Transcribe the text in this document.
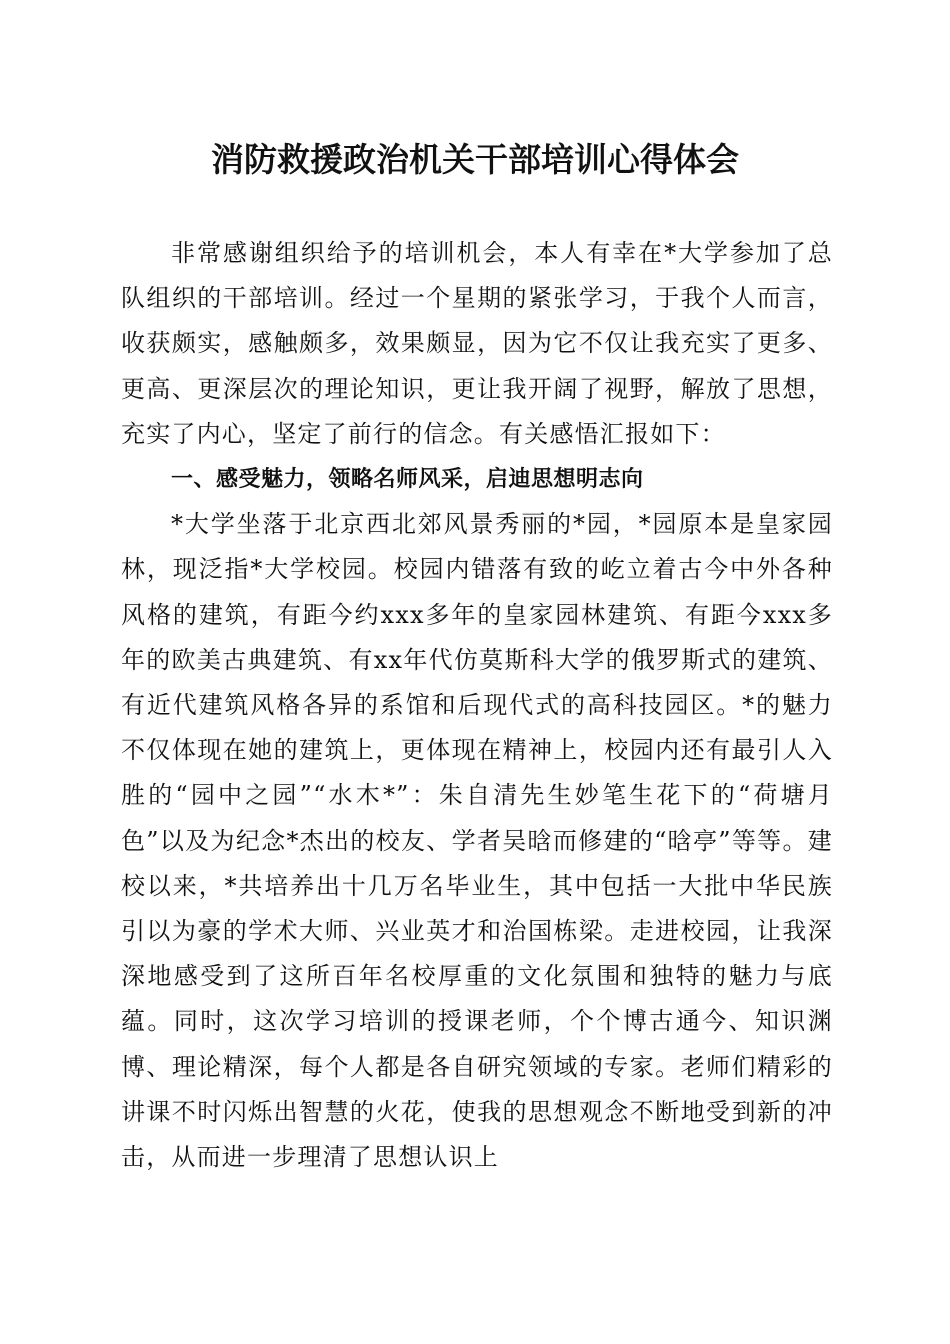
消防救援政治机关干部培训心得体会

非常感谢组织给予的培训机会，本人有幸在*大学参加了总队组织的干部培训。经过一个星期的紧张学习，于我个人而言，收获颇实，感触颇多，效果颇显，因为它不仅让我充实了更多、更高、更深层次的理论知识，更让我开阔了视野，解放了思想，充实了内心，坚定了前行的信念。有关感悟汇报如下：

一、感受魅力，领略名师风采，启迪思想明志向

*大学坐落于北京西北郊风景秀丽的*园，*园原本是皇家园林，现泛指*大学校园。校园内错落有致的屹立着古今中外各种风格的建筑，有距今约xxx多年的皇家园林建筑、有距今xxx多年的欧美古典建筑、有xx年代仿莫斯科大学的俄罗斯式的建筑、有近代建筑风格各异的系馆和后现代式的高科技园区。*的魅力不仅体现在她的建筑上，更体现在精神上，校园内还有最引人入胜的“园中之园”“水木*”：朱自清先生妙笔生花下的“荷塘月色”以及为纪念*杰出的校友、学者吴晗而修建的“晗亭”等等。建校以来，*共培养出十几万名毕业生，其中包括一大批中华民族引以为豪的学术大师、兴业英才和治国栋梁。走进校园，让我深深地感受到了这所百年名校厚重的文化氛围和独特的魅力与底蕴。同时，这次学习培训的授课老师，个个博古通今、知识渊博、理论精深，每个人都是各自研究领域的专家。老师们精彩的讲课不时闪烁出智慧的火花，使我的思想观念不断地受到新的冲击，从而进一步理清了思想认识上
